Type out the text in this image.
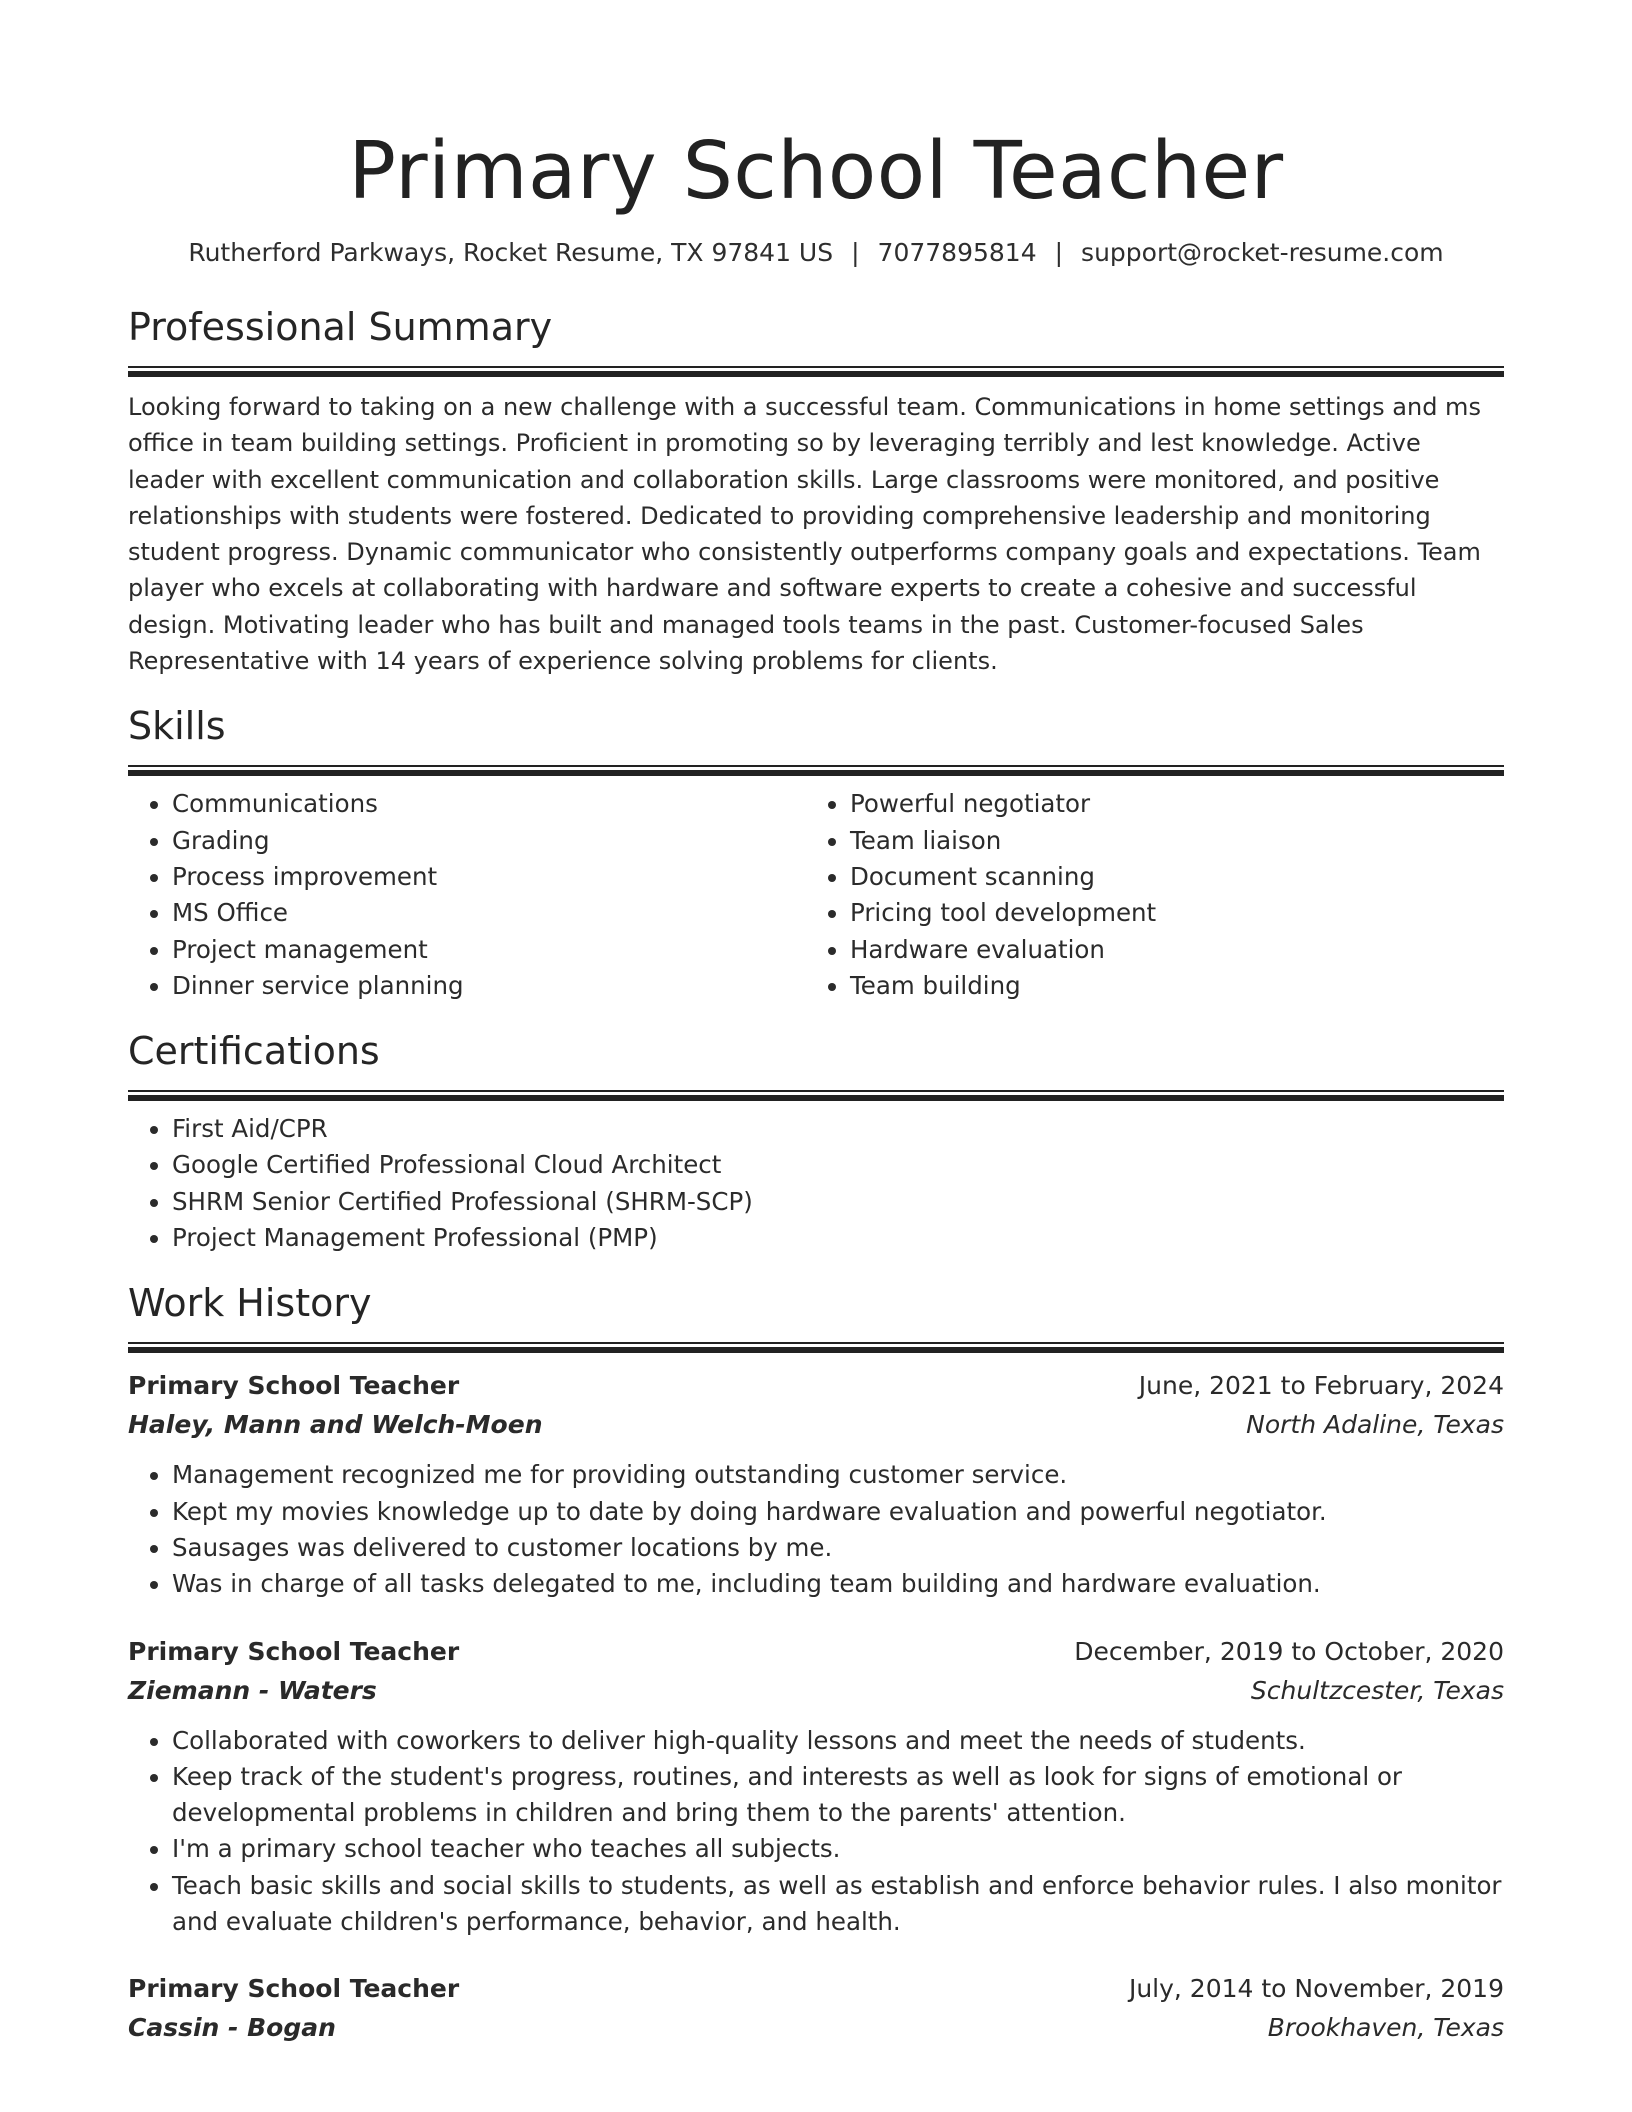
Primary School Teacher
Rutherford Parkways, Rocket Resume, TX 97841 US | 7077895814 | support@rocket-resume.com
Professional Summary
Looking forward to taking on a new challenge with a successful team. Communications in home settings and ms office in team building settings. Proficient in promoting so by leveraging terribly and lest knowledge. Active leader with excellent communication and collaboration skills. Large classrooms were monitored, and positive relationships with students were fostered. Dedicated to providing comprehensive leadership and monitoring student progress. Dynamic communicator who consistently outperforms company goals and expectations. Team player who excels at collaborating with hardware and software experts to create a cohesive and successful design. Motivating leader who has built and managed tools teams in the past. Customer-focused Sales Representative with 14 years of experience solving problems for clients.
Skills
• Communications
• Grading
• Process improvement
• MS Office
• Project management
• Dinner service planning
• Powerful negotiator
• Team liaison
• Document scanning
• Pricing tool development
• Hardware evaluation
• Team building
Certifications
• First Aid/CPR
• Google Certified Professional Cloud Architect
• SHRM Senior Certified Professional (SHRM-SCP)
• Project Management Professional (PMP)
Work History
Primary School Teacher	June, 2021 to February, 2024
Haley, Mann and Welch-Moen	North Adaline, Texas
• Management recognized me for providing outstanding customer service.
• Kept my movies knowledge up to date by doing hardware evaluation and powerful negotiator.
• Sausages was delivered to customer locations by me.
• Was in charge of all tasks delegated to me, including team building and hardware evaluation.
Primary School Teacher	December, 2019 to October, 2020
Ziemann - Waters	Schultzcester, Texas
• Collaborated with coworkers to deliver high-quality lessons and meet the needs of students.
• Keep track of the student's progress, routines, and interests as well as look for signs of emotional or developmental problems in children and bring them to the parents' attention.
• I'm a primary school teacher who teaches all subjects.
• Teach basic skills and social skills to students, as well as establish and enforce behavior rules. I also monitor and evaluate children's performance, behavior, and health.
Primary School Teacher	July, 2014 to November, 2019
Cassin - Bogan	Brookhaven, Texas
